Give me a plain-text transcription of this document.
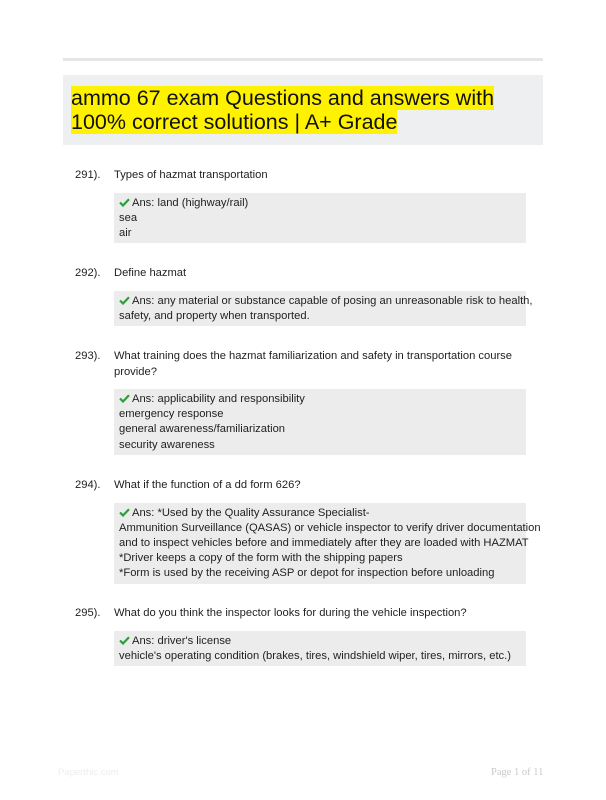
ammo 67 exam Questions and answers with
100% correct solutions | A+ Grade
291). Types of hazmat transportation
Ans: land (highway/rail)
sea
air
292). Define hazmat
Ans: any material or substance capable of posing an unreasonable risk to health,
safety, and property when transported.
293). What training does the hazmat familiarization and safety in transportation course provide?
Ans: applicability and responsibility
emergency response
general awareness/familiarization
security awareness
294). What if the function of a dd form 626?
Ans: *Used by the Quality Assurance Specialist-
Ammunition Surveillance (QASAS) or vehicle inspector to verify driver documentation
and to inspect vehicles before and immediately after they are loaded with HAZMAT
*Driver keeps a copy of the form with the shipping papers
*Form is used by the receiving ASP or depot for inspection before unloading
295). What do you think the inspector looks for during the vehicle inspection?
Ans: driver's license
vehicle's operating condition (brakes, tires, windshield wiper, tires, mirrors, etc.)
Paperthic.com	Page 1 of 11
